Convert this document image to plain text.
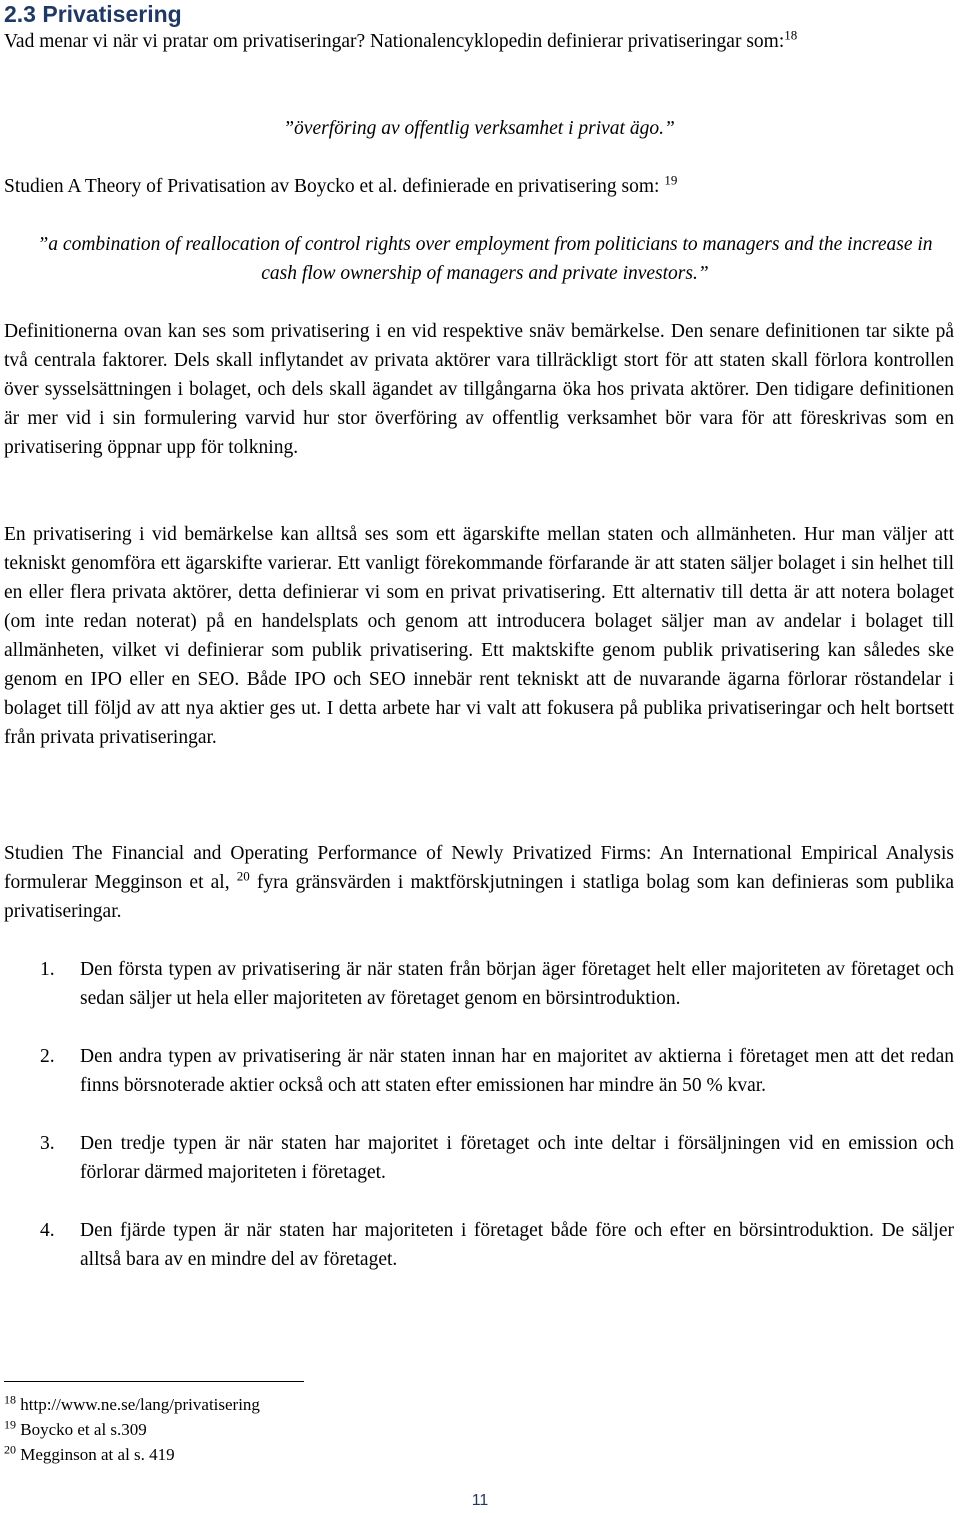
2.3 Privatisering

Vad menar vi när vi pratar om privatiseringar? Nationalencyklopedin definierar privatiseringar som:$^{18}$

”överföring av offentlig verksamhet i privat ägo.”

Studien A Theory of Privatisation av Boycko et al. definierade en privatisering som: $^{19}$

”a combination of reallocation of control rights over employment from politicians to managers and the increase in cash flow ownership of managers and private investors.”

Definitionerna ovan kan ses som privatisering i en vid respektive snäv bemärkelse. Den senare definitionen tar sikte på två centrala faktorer. Dels skall inflytandet av privata aktörer vara tillräckligt stort för att staten skall förlora kontrollen över sysselsättningen i bolaget, och dels skall ägandet av tillgångarna öka hos privata aktörer. Den tidigare definitionen är mer vid i sin formulering varvid hur stor överföring av offentlig verksamhet bör vara för att föreskrivas som en privatisering öppnar upp för tolkning.

En privatisering i vid bemärkelse kan alltså ses som ett ägarskifte mellan staten och allmänheten. Hur man väljer att tekniskt genomföra ett ägarskifte varierar. Ett vanligt förekommande förfarande är att staten säljer bolaget i sin helhet till en eller flera privata aktörer, detta definierar vi som en privat privatisering. Ett alternativ till detta är att notera bolaget (om inte redan noterat) på en handelsplats och genom att introducera bolaget säljer man av andelar i bolaget till allmänheten, vilket vi definierar som publik privatisering. Ett maktskifte genom publik privatisering kan således ske genom en IPO eller en SEO. Både IPO och SEO innebär rent tekniskt att de nuvarande ägarna förlorar röstandelar i bolaget till följd av att nya aktier ges ut. I detta arbete har vi valt att fokusera på publika privatiseringar och helt bortsett från privata privatiseringar.

Studien The Financial and Operating Performance of Newly Privatized Firms: An International Empirical Analysis formulerar Megginson et al, $^{20}$ fyra gränsvärden i maktförskjutningen i statliga bolag som kan definieras som publika privatiseringar.

1. Den första typen av privatisering är när staten från början äger företaget helt eller majoriteten av företaget och sedan säljer ut hela eller majoriteten av företaget genom en börsintroduktion.
2. Den andra typen av privatisering är när staten innan har en majoritet av aktierna i företaget men att det redan finns börsnoterade aktier också och att staten efter emissionen har mindre än 50 % kvar.
3. Den tredje typen är när staten har majoritet i företaget och inte deltar i försäljningen vid en emission och förlorar därmed majoriteten i företaget.
4. Den fjärde typen är när staten har majoriteten i företaget både före och efter en börsintroduktion. De säljer alltså bara av en mindre del av företaget.
$^{18}$ http://www.ne.se/lang/privatisering
$^{19}$ Boycko et al s.309
$^{20}$ Megginson at al s. 419
11
